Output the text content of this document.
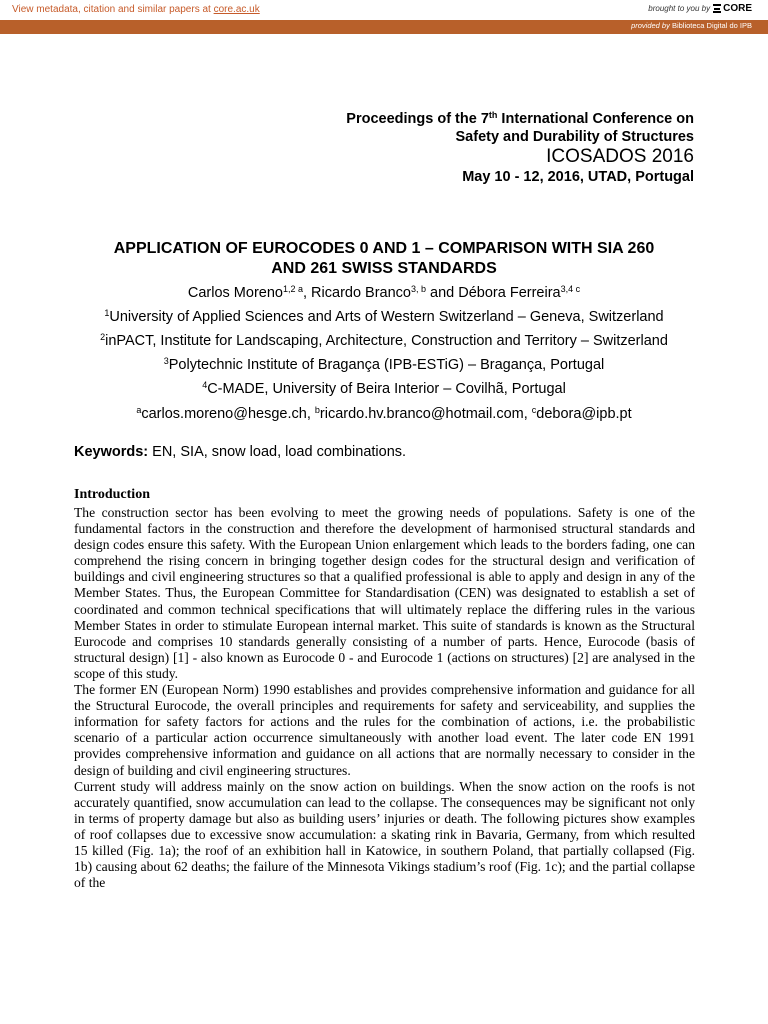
View metadata, citation and similar papers at core.ac.uk	brought to you by CORE
provided by Biblioteca Digital do IPB
Proceedings of the 7th International Conference on
Safety and Durability of Structures
ICOSADOS 2016
May 10 - 12, 2016, UTAD, Portugal
APPLICATION OF EUROCODES 0 AND 1 – COMPARISON WITH SIA 260
AND 261 SWISS STANDARDS
Carlos Moreno$^{1,2 a}$, Ricardo Branco$^{3, b}$ and Débora Ferreira$^{3,4 c}$
$^1$University of Applied Sciences and Arts of Western Switzerland – Geneva, Switzerland
$^2$inPACT, Institute for Landscaping, Architecture, Construction and Territory – Switzerland
$^3$Polytechnic Institute of Bragança (IPB-ESTiG) – Bragança, Portugal
$^4$C-MADE, University of Beira Interior – Covilhã, Portugal
$^a$carlos.moreno@hesge.ch, $^b$ricardo.hv.branco@hotmail.com, $^c$debora@ipb.pt
Keywords: EN, SIA, snow load, load combinations.
Introduction

The construction sector has been evolving to meet the growing needs of populations. Safety is one of the fundamental factors in the construction and therefore the development of harmonised structural standards and design codes ensure this safety. With the European Union enlargement which leads to the borders fading, one can comprehend the rising concern in bringing together design codes for the structural design and verification of buildings and civil engineering structures so that a qualified professional is able to apply and design in any of the Member States. Thus, the European Committee for Standardisation (CEN) was designated to establish a set of coordinated and common technical specifications that will ultimately replace the differing rules in the various Member States in order to stimulate European internal market. This suite of standards is known as the Structural Eurocode and comprises 10 standards generally consisting of a number of parts. Hence, Eurocode (basis of structural design) [1] - also known as Eurocode 0 - and Eurocode 1 (actions on structures) [2] are analysed in the scope of this study.

The former EN (European Norm) 1990 establishes and provides comprehensive information and guidance for all the Structural Eurocode, the overall principles and requirements for safety and serviceability, and supplies the information for safety factors for actions and the rules for the combination of actions, i.e. the probabilistic scenario of a particular action occurrence simultaneously with another load event. The later code EN 1991 provides comprehensive information and guidance on all actions that are normally necessary to consider in the design of building and civil engineering structures.

Current study will address mainly on the snow action on buildings. When the snow action on the roofs is not accurately quantified, snow accumulation can lead to the collapse. The consequences may be significant not only in terms of property damage but also as building users’ injuries or death. The following pictures show examples of roof collapses due to excessive snow accumulation: a skating rink in Bavaria, Germany, from which resulted 15 killed (Fig. 1a); the roof of an exhibition hall in Katowice, in southern Poland, that partially collapsed (Fig. 1b) causing about 62 deaths; the failure of the Minnesota Vikings stadium’s roof (Fig. 1c); and the partial collapse of the
